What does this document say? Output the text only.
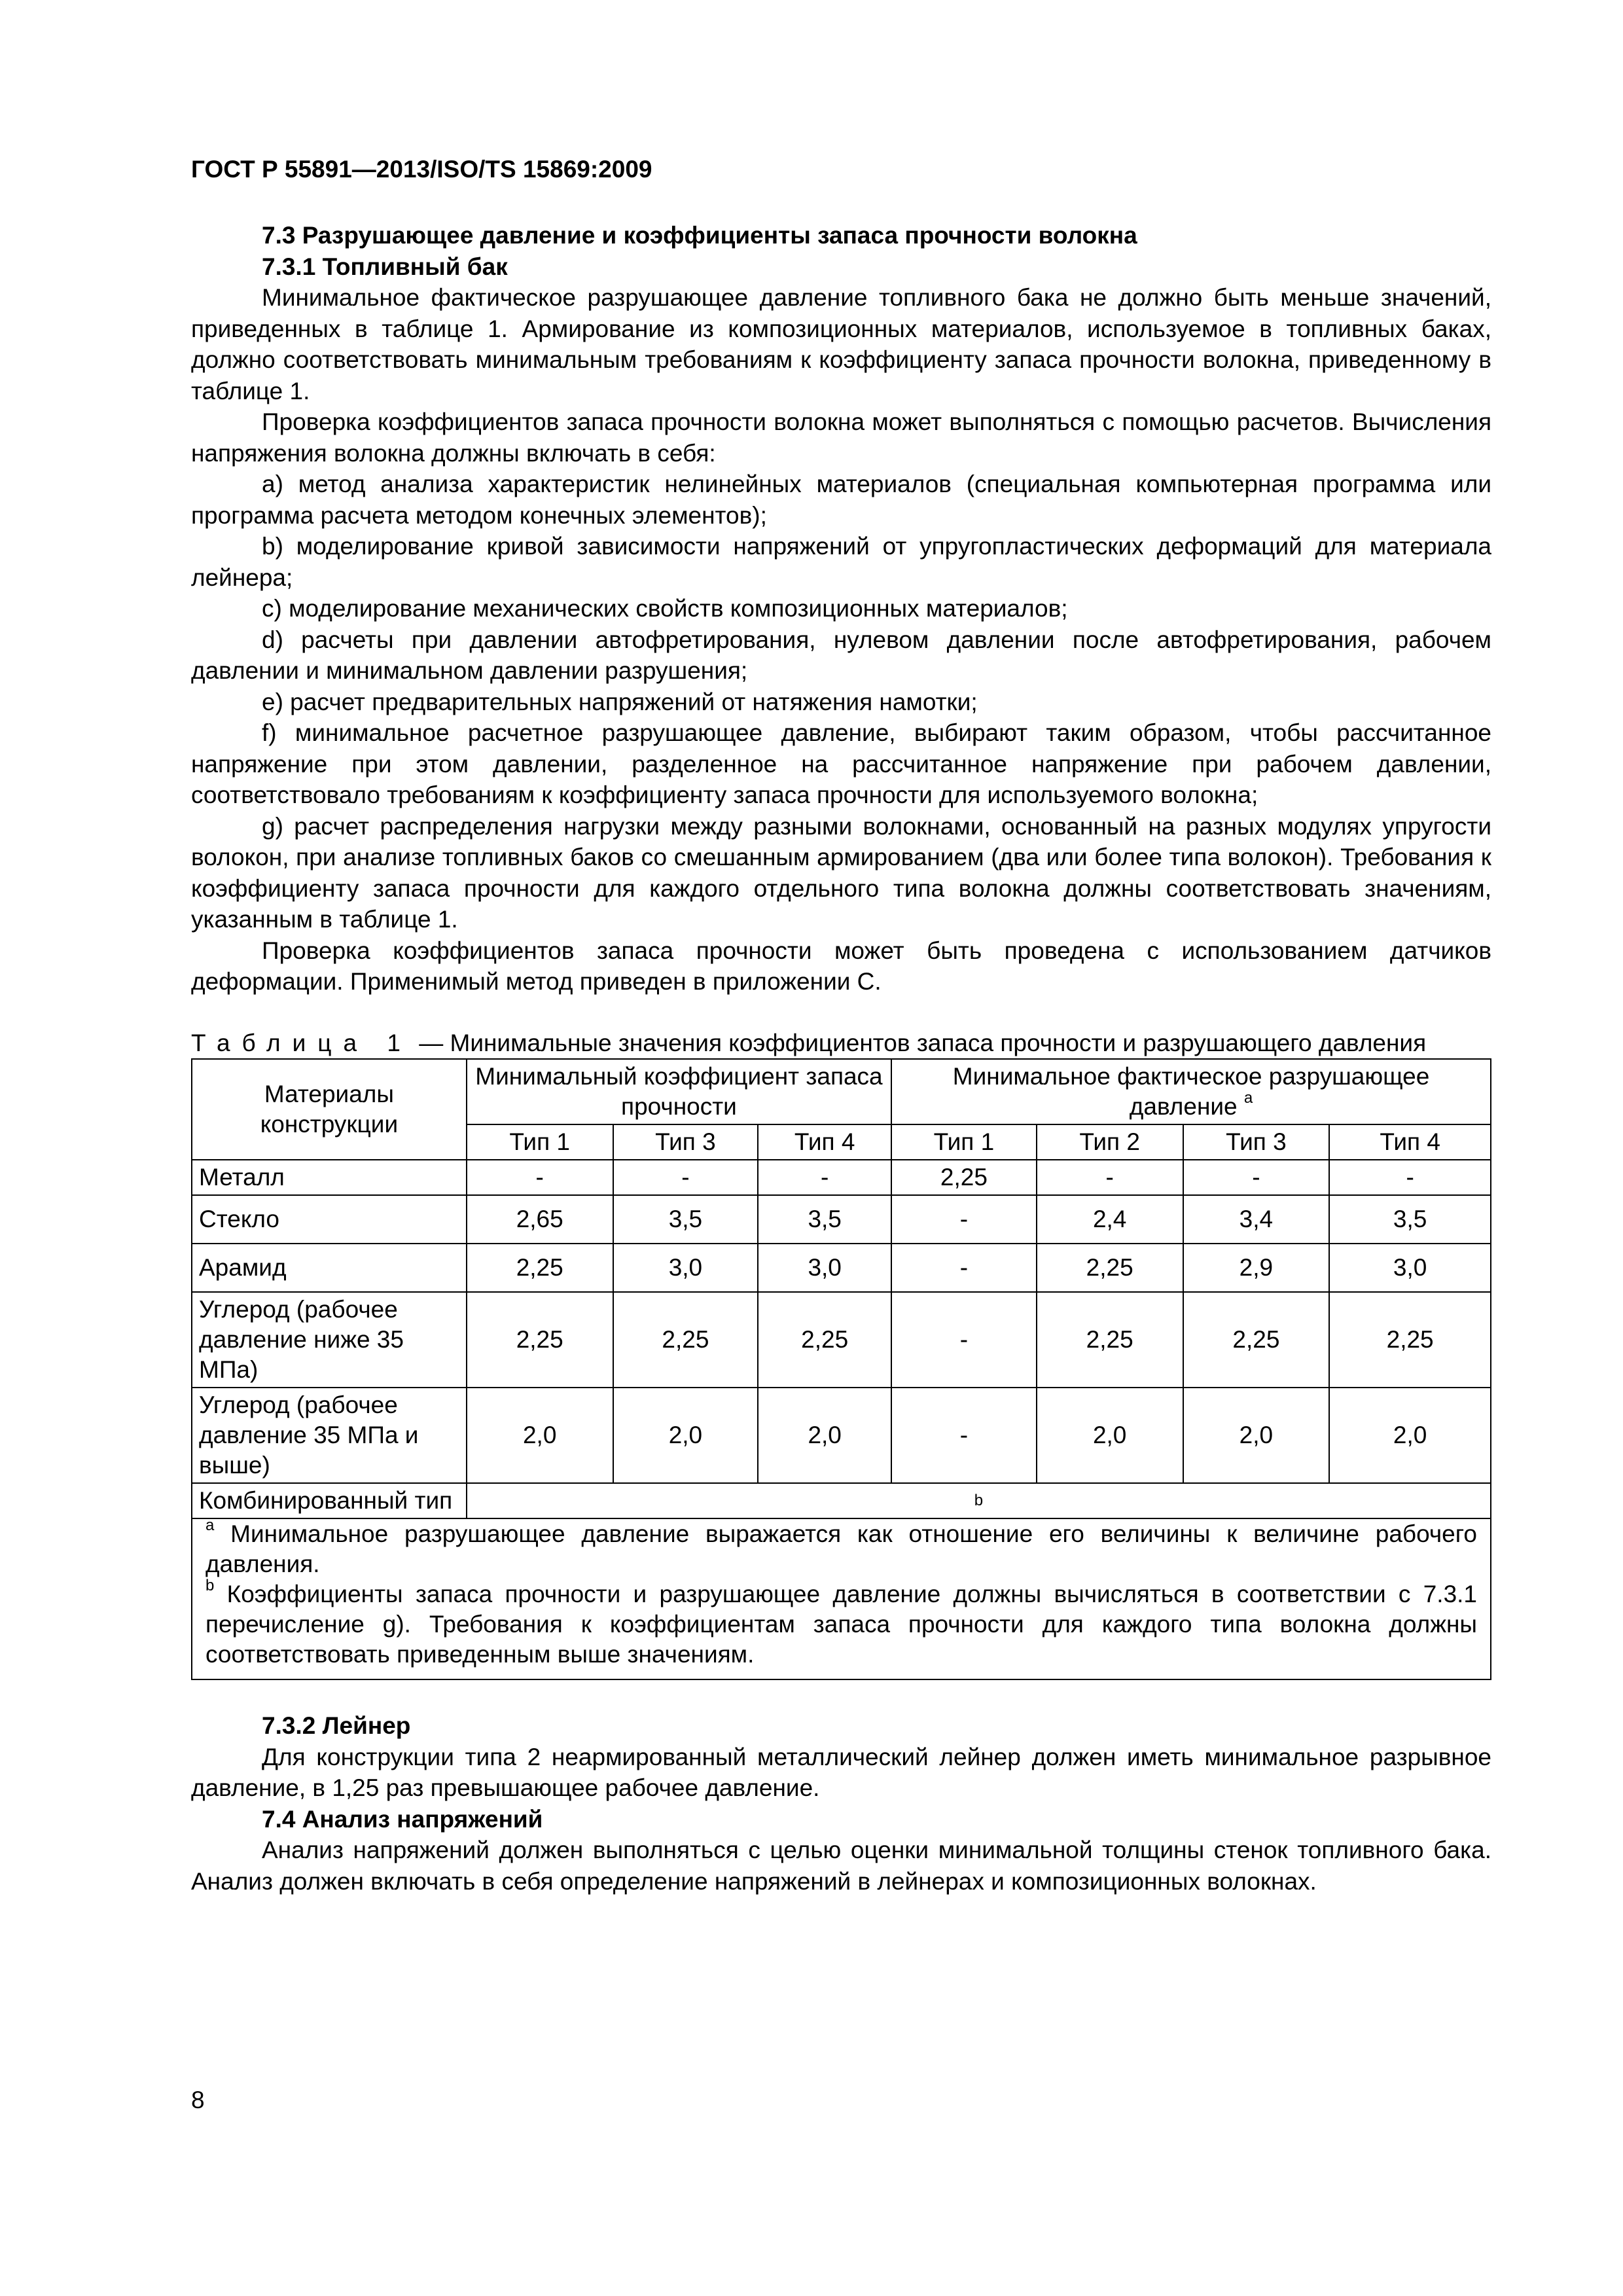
ГОСТ Р 55891—2013/ISO/TS 15869:2009

7.3 Разрушающее давление и коэффициенты запаса прочности волокна

7.3.1 Топливный бак

Минимальное фактическое разрушающее давление топливного бака не должно быть меньше значений, приведенных в таблице 1. Армирование из композиционных материалов, используемое в топливных баках, должно соответствовать минимальным требованиям к коэффициенту запаса прочности волокна, приведенному в таблице 1.

Проверка коэффициентов запаса прочности волокна может выполняться с помощью расчетов. Вычисления напряжения волокна должны включать в себя:

a) метод анализа характеристик нелинейных материалов (специальная компьютерная программа или программа расчета методом конечных элементов);

b) моделирование кривой зависимости напряжений от упругопластических деформаций для материала лейнера;

c) моделирование механических свойств композиционных материалов;

d) расчеты при давлении автофретирования, нулевом давлении после автофретирования, рабочем давлении и минимальном давлении разрушения;

e) расчет предварительных напряжений от натяжения намотки;

f) минимальное расчетное разрушающее давление, выбирают таким образом, чтобы рассчитанное напряжение при этом давлении, разделенное на рассчитанное напряжение при рабочем давлении, соответствовало требованиям к коэффициенту запаса прочности для используемого волокна;

g) расчет распределения нагрузки между разными волокнами, основанный на разных модулях упругости волокон, при анализе топливных баков со смешанным армированием (два или более типа волокон). Требования к коэффициенту запаса прочности для каждого отдельного типа волокна должны соответствовать значениям, указанным в таблице 1.

Проверка коэффициентов запаса прочности может быть проведена с использованием датчиков деформации. Применимый метод приведен в приложении C.

Таблица 1 — Минимальные значения коэффициентов запаса прочности и разрушающего давления

Материалы конструкции	Минимальный коэффициент запаса прочности			Минимальное фактическое разрушающее давление $^a$
	Тип 1	Тип 3	Тип 4	Тип 1	Тип 2	Тип 3	Тип 4
Металл	-	-	-	2,25	-	-	-
Стекло	2,65	3,5	3,5	-	2,4	3,4	3,5
Арамид	2,25	3,0	3,0	-	2,25	2,9	3,0
Углерод (рабочее давление ниже 35 МПа)	2,25	2,25	2,25	-	2,25	2,25	2,25
Углерод (рабочее давление 35 МПа и выше)	2,0	2,0	2,0	-	2,0	2,0	2,0
Комбинированный тип	b						

$^a$ Минимальное разрушающее давление выражается как отношение его величины к величине рабочего давления.
$^b$ Коэффициенты запаса прочности и разрушающее давление должны вычисляться в соответствии с 7.3.1 перечисление g). Требования к коэффициентам запаса прочности для каждого типа волокна должны соответствовать приведенным выше значениям.							

7.3.2 Лейнер

Для конструкции типа 2 неармированный металлический лейнер должен иметь минимальное разрывное давление, в 1,25 раз превышающее рабочее давление.

7.4 Анализ напряжений

Анализ напряжений должен выполняться с целью оценки минимальной толщины стенок топливного бака. Анализ должен включать в себя определение напряжений в лейнерах и композиционных волокнах.

8
